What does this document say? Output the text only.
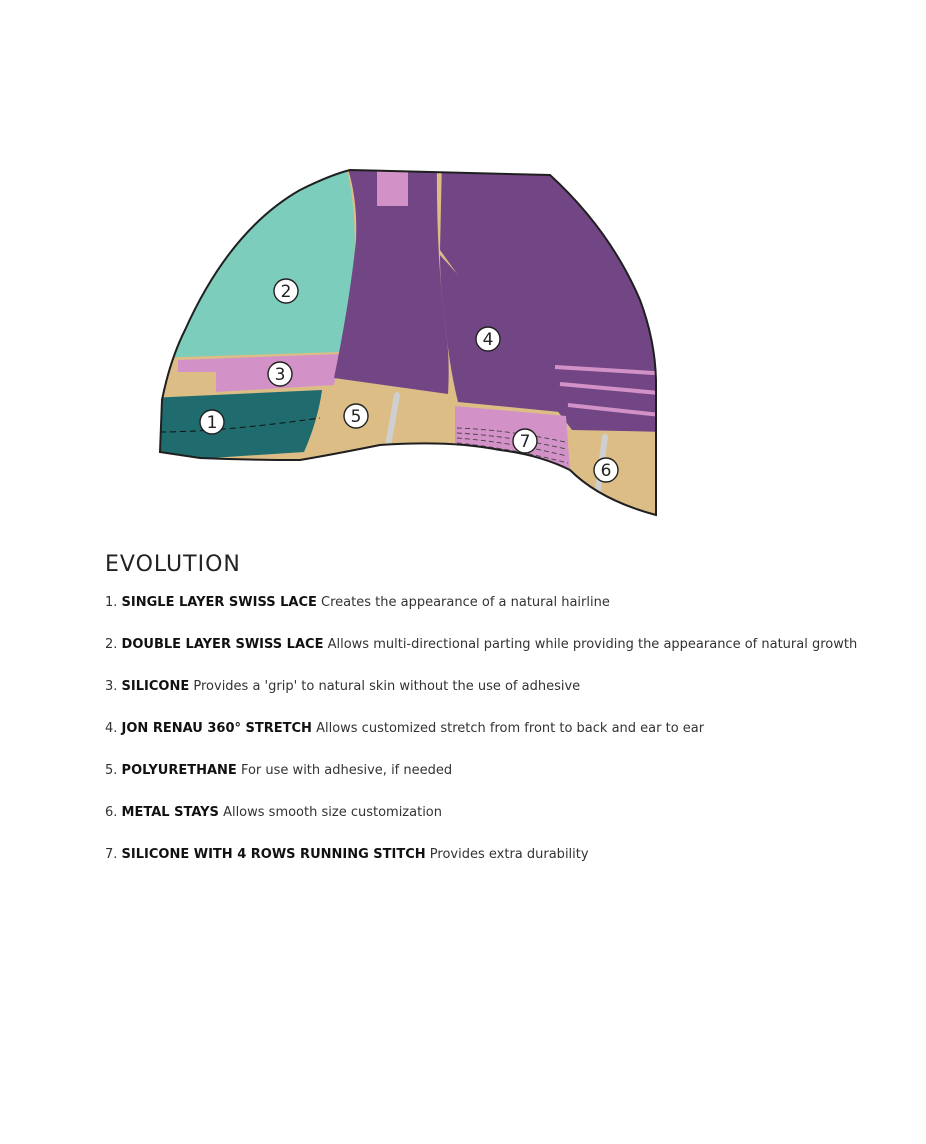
1
2
3
4
5
6
7
EVOLUTION
1. SINGLE LAYER SWISS LACE Creates the appearance of a natural hairline
2. DOUBLE LAYER SWISS LACE Allows multi-directional parting while providing the appearance of natural growth
3. SILICONE Provides a 'grip' to natural skin without the use of adhesive
4. JON RENAU 360° STRETCH Allows customized stretch from front to back and ear to ear
5. POLYURETHANE For use with adhesive, if needed
6. METAL STAYS Allows smooth size customization
7. SILICONE WITH 4 ROWS RUNNING STITCH Provides extra durability
